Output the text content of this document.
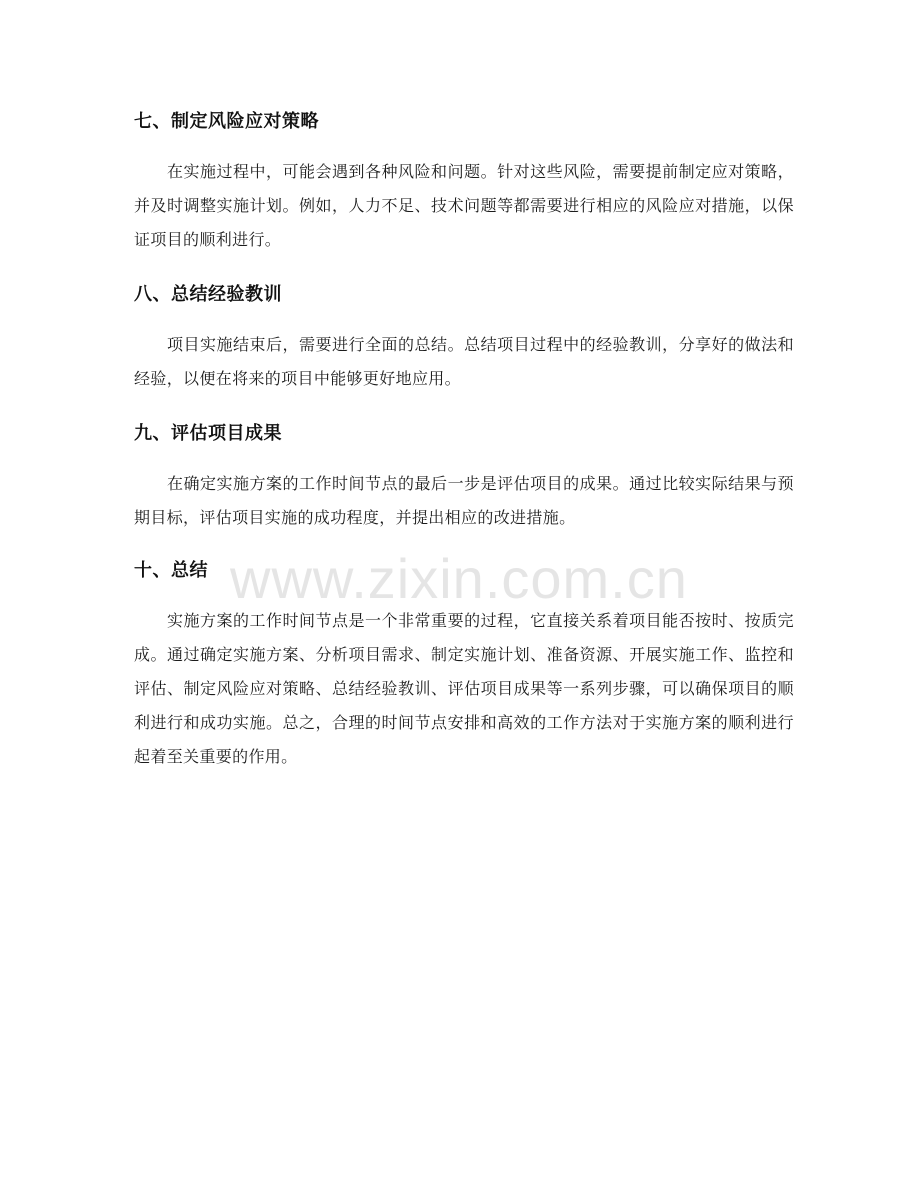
七、制定风险应对策略

在实施过程中，可能会遇到各种风险和问题。针对这些风险，需要提前制定应对策略，并及时调整实施计划。例如，人力不足、技术问题等都需要进行相应的风险应对措施，以保证项目的顺利进行。

八、总结经验教训

项目实施结束后，需要进行全面的总结。总结项目过程中的经验教训，分享好的做法和经验，以便在将来的项目中能够更好地应用。

九、评估项目成果

在确定实施方案的工作时间节点的最后一步是评估项目的成果。通过比较实际结果与预期目标，评估项目实施的成功程度，并提出相应的改进措施。

十、总结

实施方案的工作时间节点是一个非常重要的过程，它直接关系着项目能否按时、按质完成。通过确定实施方案、分析项目需求、制定实施计划、准备资源、开展实施工作、监控和评估、制定风险应对策略、总结经验教训、评估项目成果等一系列步骤，可以确保项目的顺利进行和成功实施。总之，合理的时间节点安排和高效的工作方法对于实施方案的顺利进行起着至关重要的作用。

www.zixin.com.cn
